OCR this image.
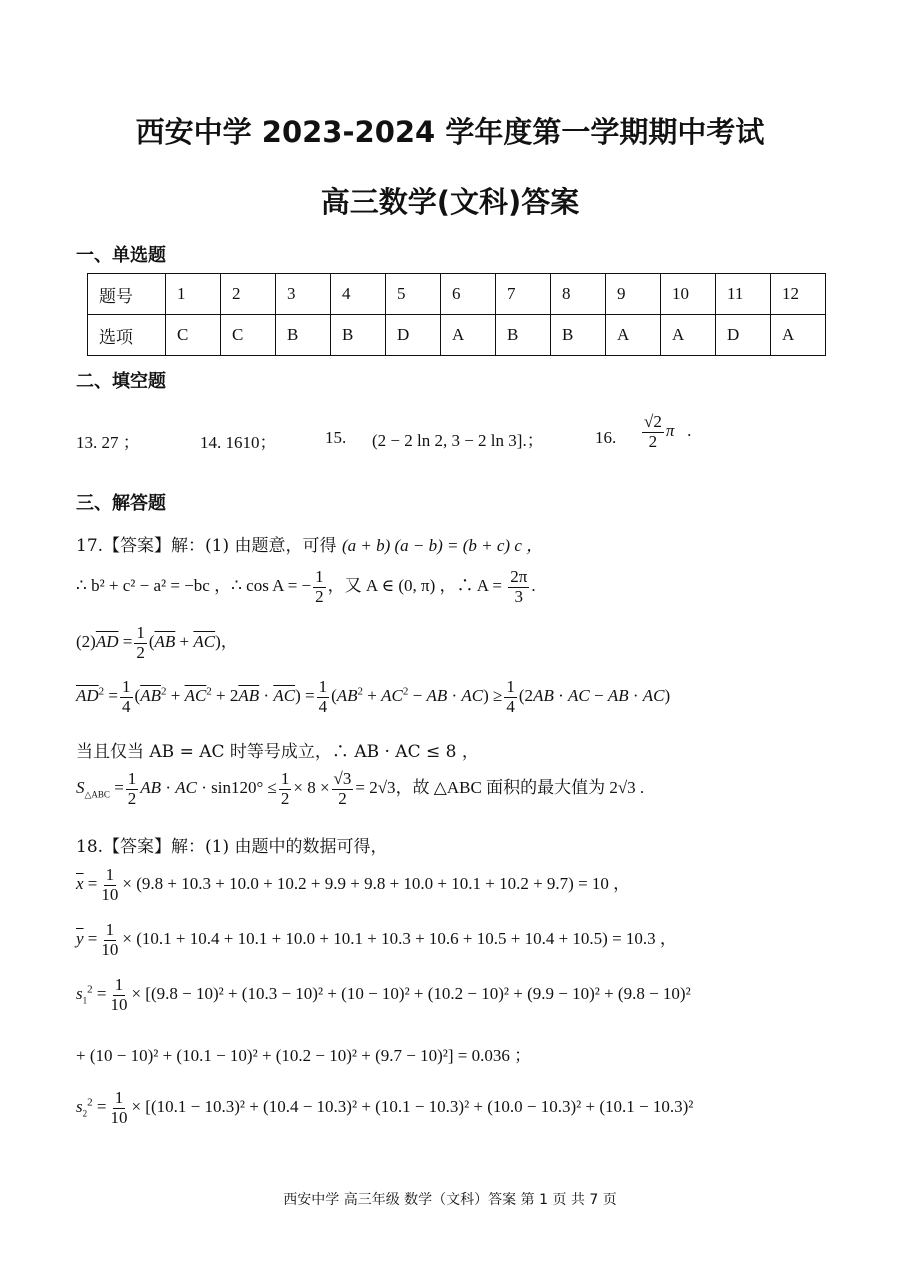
西安中学 2023-2024 学年度第一学期期中考试
高三数学(文科)答案
一、单选题
题号	1	2	3	4	5	6	7	8	9	10	11	12
选项	C	C	B	B	D	A	B	B	A	A	D	A
二、填空题
13. 27 ；	14. 1610；	15. (2 − 2 ln 2, 3 − 2 ln 3].；	16. $\frac{√2}{2}$ π   .
三、解答题
17.【答案】解：(1) 由题意，可得 (a + b) (a − b) = (b + c) c ，
∴ b² + c² − a² = −bc ，∴ cos A = − $\frac{1}{2}$ ，又 A ∈ (0, π) ，∴ $A = \frac{2\pi}{3}$ .
$(2)\overline{AD} = \frac{1}{2} (\overline{AB} + \overline{AC})$，
$\overline{AD}^2 = \frac{1}{4} (\overline{AB}^2 + \overline{AC}^2 + 2\overline{AB} \cdot \overline{AC}) = \frac{1}{4} (AB^2 + AC^2$ − AB · $AC) \ge \frac{1}{4} (2AB$ · AC − AB · AC)
当且仅当 AB = AC 时等号成立，∴ AB · AC ≤ 8 ，
$S_{\triangle ABC} = \frac{1}{2}$ AB · AC · $\sin 120^\circ \le \frac{1}{2} \times 8 \times \frac{√3}{2} = 2√3$，故 △ABC 面积的最大值为 2√3 .
18.【答案】解：(1) 由题中的数据可得，
$\overline{x} = \frac{1}{10} \times (9.8 + 10.3 + 10.0 + 10.2 + 9.9 + 9.8 + 10.0 + 10.1 + 10.2 + 9.7) = 10$ ，
$\overline{y} = \frac{1}{10} \times (10.1 + 10.4 + 10.1 + 10.0 + 10.1 + 10.3 + 10.6 + 10.5 + 10.4 + 10.5) = 10.3$ ，
$s_1^2 = \frac{1}{10} \times [(9.8 - 10)^2 + (10.3 - 10)^2 + (10 - 10)^2 + (10.2 - 10)^2 + (9.9 - 10)^2 + (9.8 - 10)^2$
+ (10 − 10)² + (10.1 − 10)² + (10.2 − 10)² + (9.7 − 10)²] = 0.036 ；
$s_2^2 = \frac{1}{10} \times [(10.1 - 10.3)^2 + (10.4 - 10.3)^2 + (10.1 - 10.3)^2 + (10.0 - 10.3)^2 + (10.1 - 10.3)^2$
西安中学 高三年级 数学（文科）答案 第 1 页 共 7 页
